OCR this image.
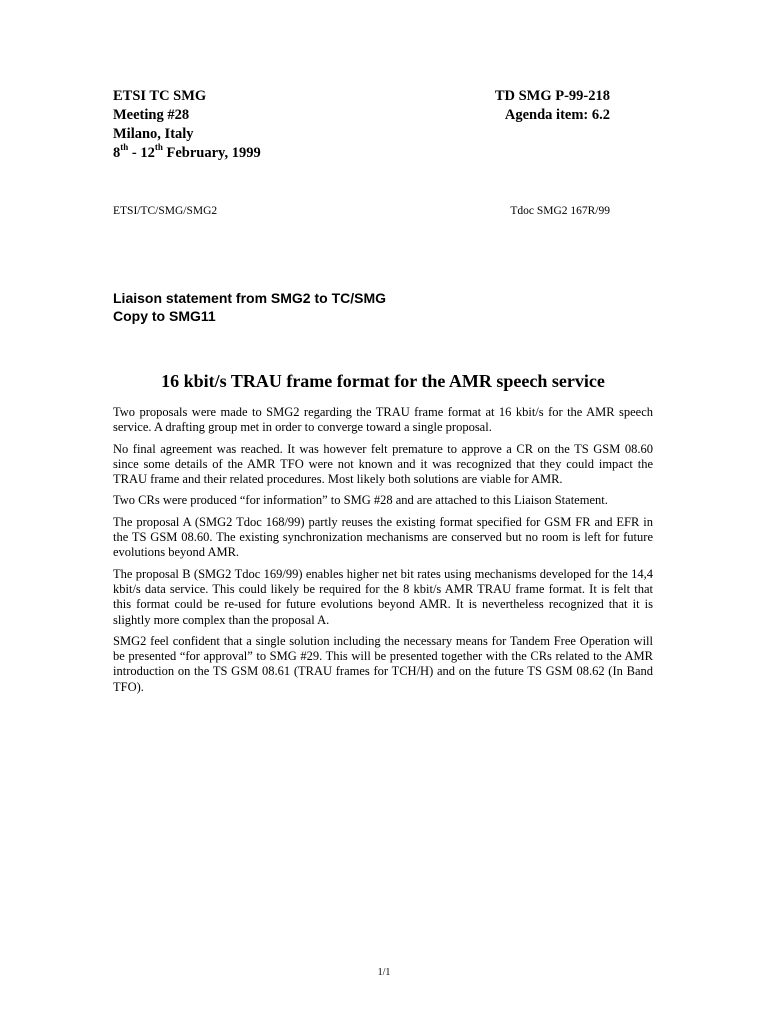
ETSI TC SMG
Meeting #28
Milano, Italy
8th - 12th February, 1999
TD SMG P-99-218
Agenda item: 6.2
ETSI/TC/SMG/SMG2	Tdoc SMG2 167R/99
Liaison statement from SMG2 to TC/SMG
Copy to SMG11
16 kbit/s TRAU frame format for the AMR speech service

Two proposals were made to SMG2 regarding the TRAU frame format at 16 kbit/s for the AMR speech service. A drafting group met in order to converge toward a single proposal.

No final agreement was reached. It was however felt premature to approve a CR on the TS GSM 08.60 since some details of the AMR TFO were not known and it was recognized that they could impact the TRAU frame and their related procedures. Most likely both solutions are viable for AMR.

Two CRs were produced “for information” to SMG #28 and are attached to this Liaison Statement.

The proposal A (SMG2 Tdoc 168/99) partly reuses the existing format specified for GSM FR and EFR in the TS GSM 08.60. The existing synchronization mechanisms are conserved but no room is left for future evolutions beyond AMR.

The proposal B (SMG2 Tdoc 169/99) enables higher net bit rates using mechanisms developed for the 14,4 kbit/s data service. This could likely be required for the 8 kbit/s AMR TRAU frame format. It is felt that this format could be re-used for future evolutions beyond AMR. It is nevertheless recognized that it is slightly more complex than the proposal A.

SMG2 feel confident that a single solution including the necessary means for Tandem Free Operation will be presented “for approval” to SMG #29. This will be presented together with the CRs related to the AMR introduction on the TS GSM 08.61 (TRAU frames for TCH/H) and on the future TS GSM 08.62 (In Band TFO).

1/1
